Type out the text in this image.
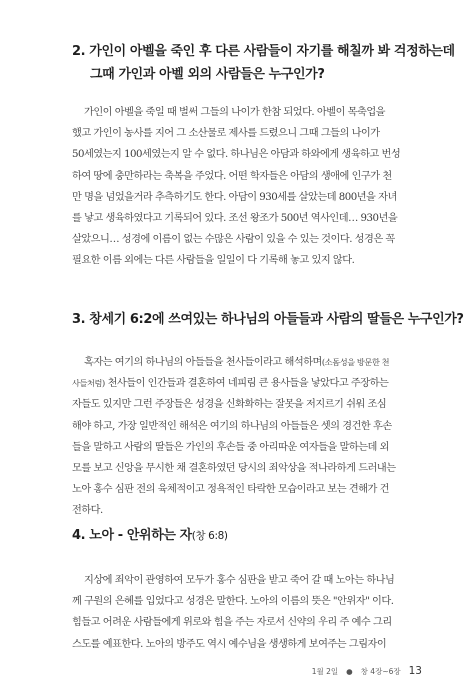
2. 가인이 아벨을 죽인 후 다른 사람들이 자기를 해칠까 봐 걱정하는데
그때 가인과 아벨 외의 사람들은 누구인가?
가인이 아벨을 죽일 때 벌써 그들의 나이가 한참 되었다. 아벨이 목축업을
했고 가인이 농사를 지어 그 소산물로 제사를 드렸으니 그때 그들의 나이가
50세였는지 100세였는지 알 수 없다. 하나님은 아담과 하와에게 생육하고 번성
하여 땅에 충만하라는 축복을 주었다. 어떤 학자들은 아담의 생애에 인구가 천
만 명을 넘었을거라 추측하기도 한다. 아담이 930세를 살았는데 800년을 자녀
를 낳고 생육하였다고 기록되어 있다. 조선 왕조가 500년 역사인데… 930년을
살았으니… 성경에 이름이 없는 수많은 사람이 있을 수 있는 것이다. 성경은 꼭
필요한 이름 외에는 다른 사람들을 일일이 다 기록해 놓고 있지 않다.
3. 창세기 6:2에 쓰여있는 하나님의 아들들과 사람의 딸들은 누구인가?
혹자는 여기의 하나님의 아들들을 천사들이라고 해석하며(소돔성을 방문한 천
사들처럼) 천사들이 인간들과 결혼하여 네피림 큰 용사들을 낳았다고 주장하는
자들도 있지만 그런 주장들은 성경을 신화화하는 잘못을 저지르기 쉬워 조심
해야 하고, 가장 일반적인 해석은 여기의 하나님의 아들들은 셋의 경건한 후손
들을 말하고 사람의 딸들은 가인의 후손들 중 아리따운 여자들을 말하는데 외
모를 보고 신앙을 무시한 채 결혼하였던 당시의 죄악상을 적나라하게 드러내는
노아 홍수 심판 전의 육체적이고 정욕적인 타락한 모습이라고 보는 견해가 건
전하다.
4. 노아 - 안위하는 자(창 6:8)
지상에 죄악이 관영하여 모두가 홍수 심판을 받고 죽어 갈 때 노아는 하나님
께 구원의 은혜를 입었다고 성경은 말한다. 노아의 이름의 뜻은 "안위자" 이다.
힘들고 어려운 사람들에게 위로와 힘을 주는 자로서 신약의 우리 주 예수 그리
스도를 예표한다. 노아의 방주도 역시 예수님을 생생하게 보여주는 그림자이
1월 2일 ● 창 4장~6장 13
